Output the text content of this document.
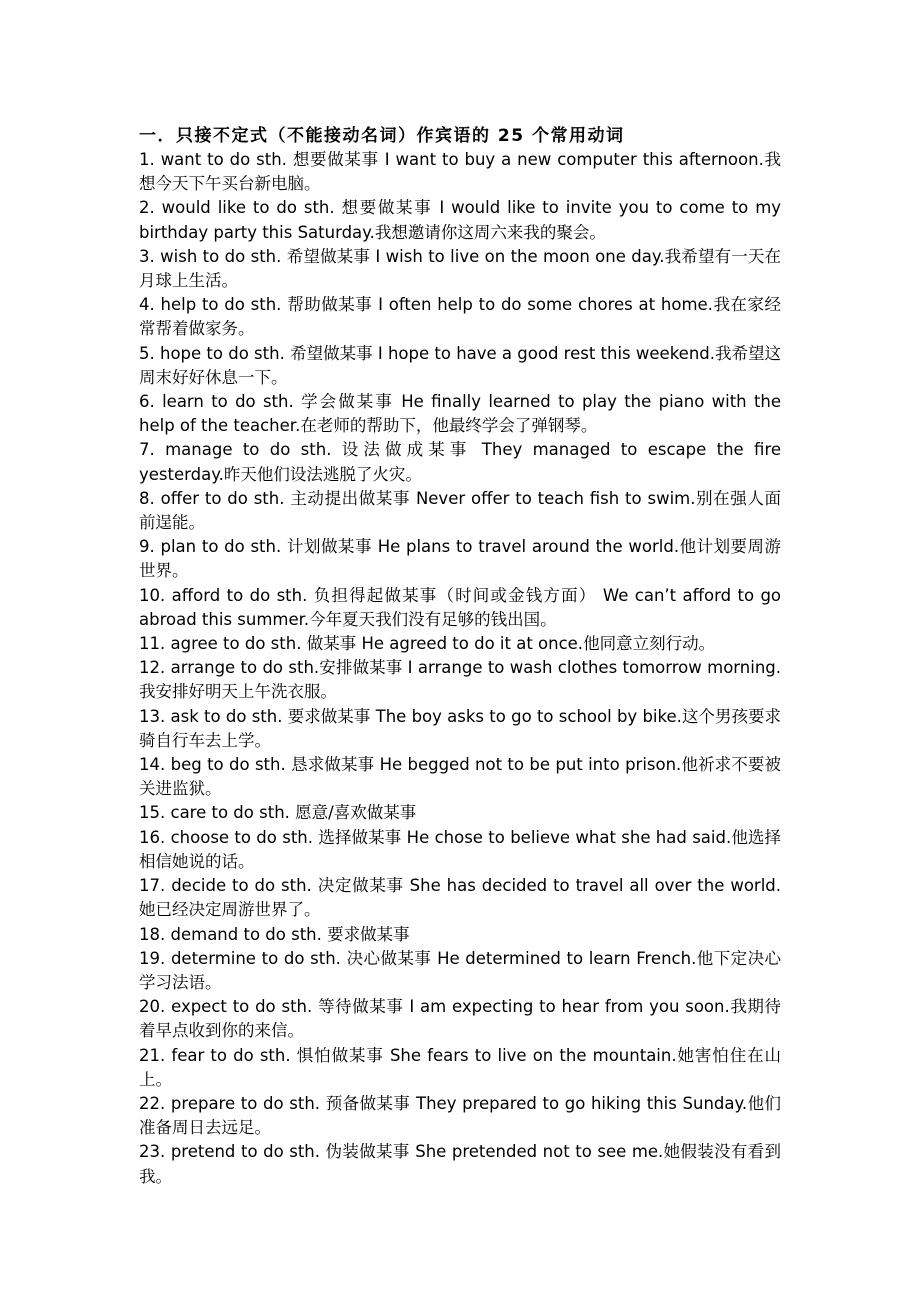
一．只接不定式（不能接动名词）作宾语的 25 个常用动词

1. want to do sth. 想要做某事 I want to buy a new computer this afternoon.我想今天下午买台新电脑。

2. would like to do sth. 想要做某事 I would like to invite you to come to my birthday party this Saturday.我想邀请你这周六来我的聚会。

3. wish to do sth. 希望做某事 I wish to live on the moon one day.我希望有一天在月球上生活。

4. help to do sth. 帮助做某事 I often help to do some chores at home.我在家经常帮着做家务。

5. hope to do sth. 希望做某事 I hope to have a good rest this weekend.我希望这周末好好休息一下。

6. learn to do sth. 学会做某事 He finally learned to play the piano with the help of the teacher.在老师的帮助下，他最终学会了弹钢琴。

7. manage to do sth. 设法做成某事 They managed to escape the fire yesterday.昨天他们设法逃脱了火灾。

8. offer to do sth. 主动提出做某事 Never offer to teach fish to swim.别在强人面前逞能。

9. plan to do sth. 计划做某事 He plans to travel around the world.他计划要周游世界。

10. afford to do sth. 负担得起做某事（时间或金钱方面） We can’t afford to go abroad this summer.今年夏天我们没有足够的钱出国。

11. agree to do sth. 做某事 He agreed to do it at once.他同意立刻行动。

12. arrange to do sth.安排做某事 I arrange to wash clothes tomorrow morning.我安排好明天上午洗衣服。

13. ask to do sth. 要求做某事 The boy asks to go to school by bike.这个男孩要求骑自行车去上学。

14. beg to do sth. 恳求做某事 He begged not to be put into prison.他祈求不要被关进监狱。

15. care to do sth. 愿意/喜欢做某事

16. choose to do sth. 选择做某事 He chose to believe what she had said.他选择相信她说的话。

17. decide to do sth. 决定做某事 She has decided to travel all over the world.她已经决定周游世界了。

18. demand to do sth. 要求做某事

19. determine to do sth. 决心做某事 He determined to learn French.他下定决心学习法语。

20. expect to do sth. 等待做某事 I am expecting to hear from you soon.我期待着早点收到你的来信。

21. fear to do sth. 惧怕做某事 She fears to live on the mountain.她害怕住在山上。

22. prepare to do sth. 预备做某事 They prepared to go hiking this Sunday.他们准备周日去远足。

23. pretend to do sth. 伪装做某事 She pretended not to see me.她假装没有看到我。
